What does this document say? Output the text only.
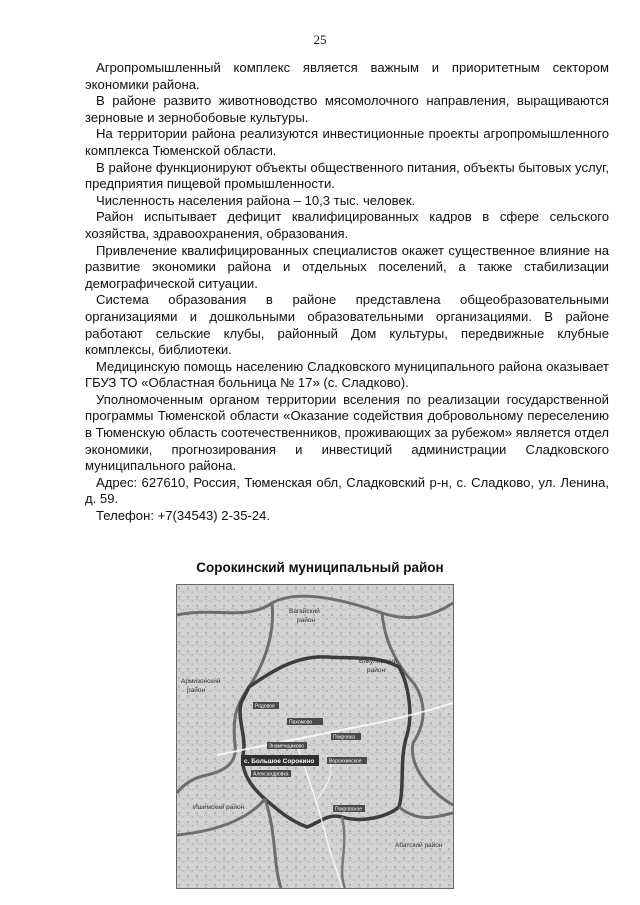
25

Агропромышленный комплекс является важным и приоритетным сектором экономики района.

В районе развито животноводство мясомолочного направления, выращиваются зерновые и зернобобовые культуры.

На территории района реализуются инвестиционные проекты агропромышленного комплекса Тюменской области.

В районе функционируют объекты общественного питания, объекты бытовых услуг, предприятия пищевой промышленности.

Численность населения района – 10,3 тыс. человек.

Район испытывает дефицит квалифицированных кадров в сфере сельского хозяйства, здравоохранения, образования.

Привлечение квалифицированных специалистов окажет существенное влияние на развитие экономики района и отдельных поселений, а также стабилизации демографической ситуации.

Система образования в районе представлена общеобразовательными организациями и дошкольными образовательными организациями. В районе работают сельские клубы, районный Дом культуры, передвижные клубные комплексы, библиотеки.

Медицинскую помощь населению Сладковского муниципального района оказывает ГБУЗ ТО «Областная больница № 17» (с. Сладково).

Уполномоченным органом территории вселения по реализации государственной программы Тюменской области «Оказание содействия добровольному переселению в Тюменскую область соотечественников, проживающих за рубежом» является отдел экономики, прогнозирования и инвестиций администрации Сладковского муниципального района.

Адрес: 627610, Россия, Тюменская обл, Сладковский р-н, с. Сладково, ул. Ленина, д. 59.

Телефон: +7(34543) 2-35-24.

Сорокинский муниципальный район
Вагайский
район
Викуловский
район
Армизонский
район
Ишимский район
Абатский район
Рядовое
Пахомово
Покровка
Знаменщиково
с. Большое Сорокино	Ворсихинское
Александровка
Покровское
